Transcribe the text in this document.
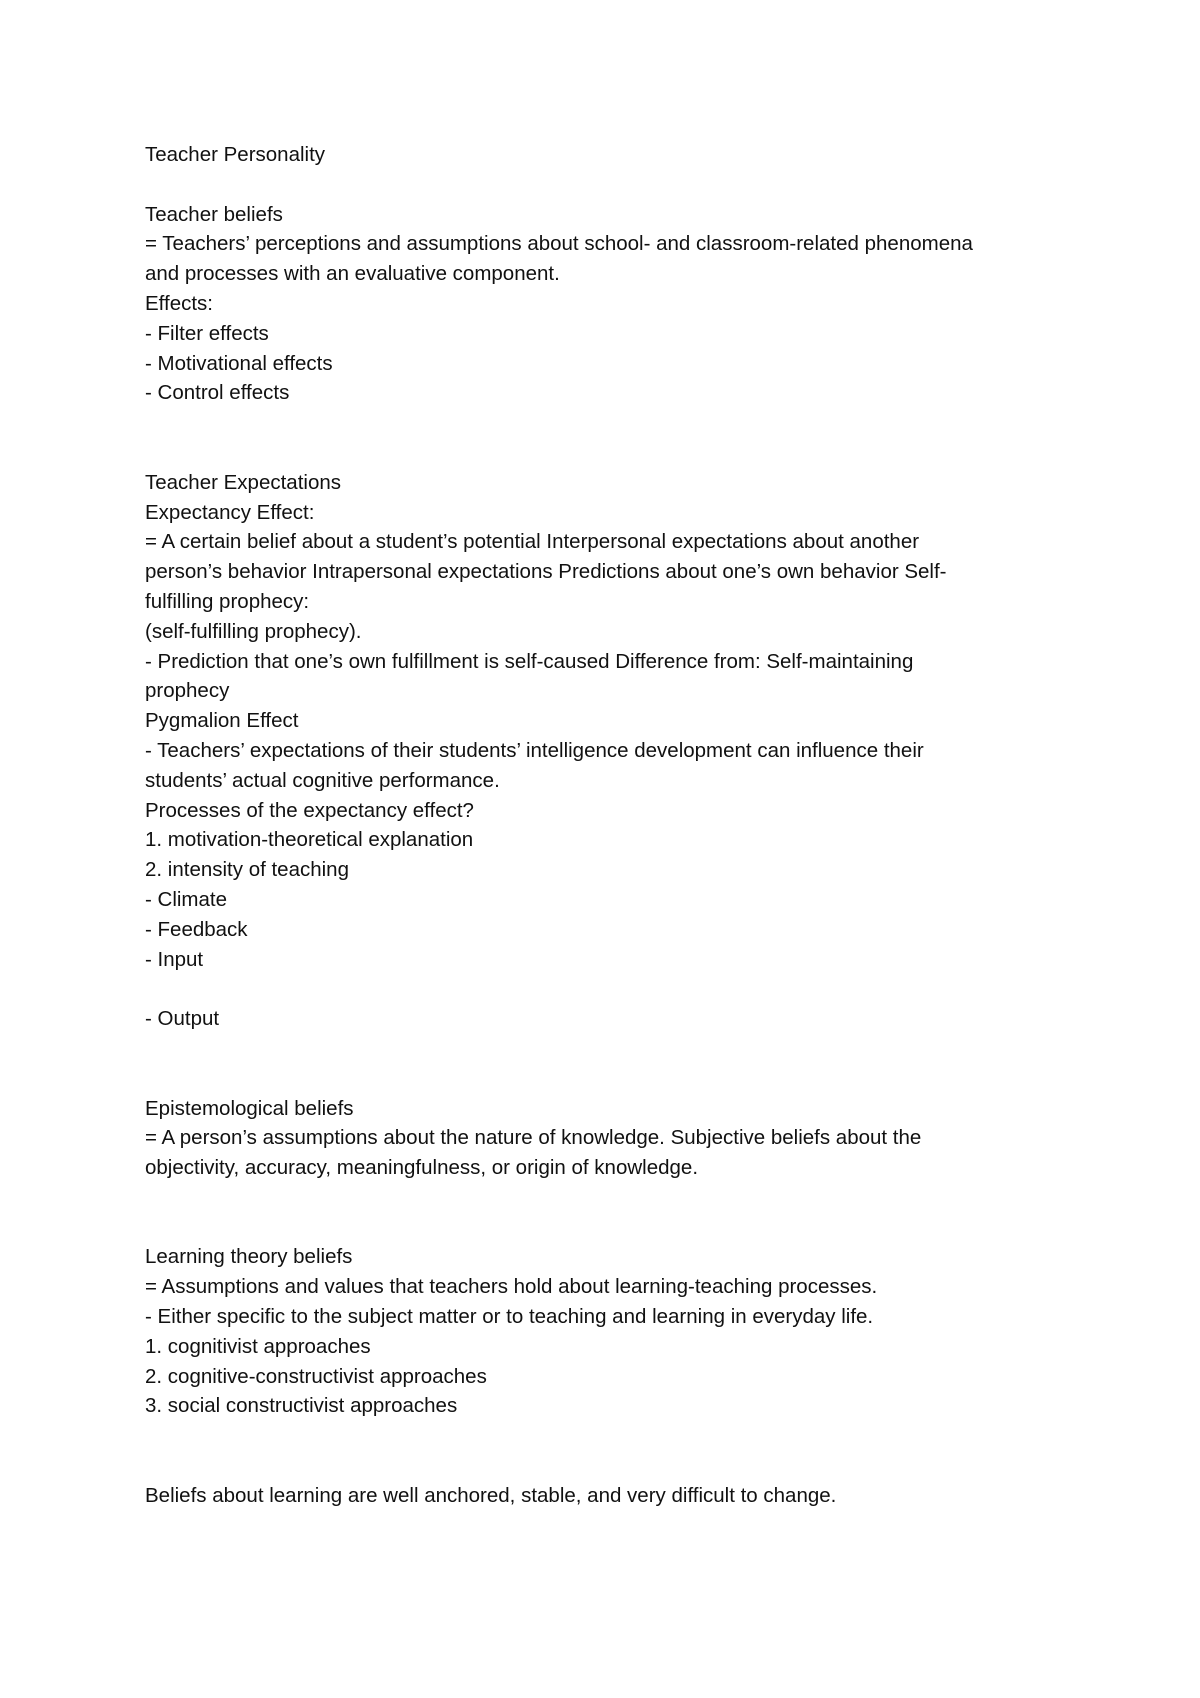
Teacher Personality
Teacher beliefs
= Teachers’ perceptions and assumptions about school- and classroom-related phenomena
and processes with an evaluative component.
Effects:
- Filter effects
- Motivational effects
- Control effects
Teacher Expectations
Expectancy Effect:
= A certain belief about a student’s potential Interpersonal expectations about another
person’s behavior Intrapersonal expectations Predictions about one’s own behavior Self-
fulfilling prophecy:
(self-fulfilling prophecy).
- Prediction that one’s own fulfillment is self-caused Difference from: Self-maintaining
prophecy
Pygmalion Effect
- Teachers’ expectations of their students’ intelligence development can influence their
students’ actual cognitive performance.
Processes of the expectancy effect?
1. motivation-theoretical explanation
2. intensity of teaching
- Climate
- Feedback
- Input
- Output
Epistemological beliefs
= A person’s assumptions about the nature of knowledge. Subjective beliefs about the
objectivity, accuracy, meaningfulness, or origin of knowledge.
Learning theory beliefs
= Assumptions and values that teachers hold about learning-teaching processes.
- Either specific to the subject matter or to teaching and learning in everyday life.
1. cognitivist approaches
2. cognitive-constructivist approaches
3. social constructivist approaches
Beliefs about learning are well anchored, stable, and very difficult to change.
